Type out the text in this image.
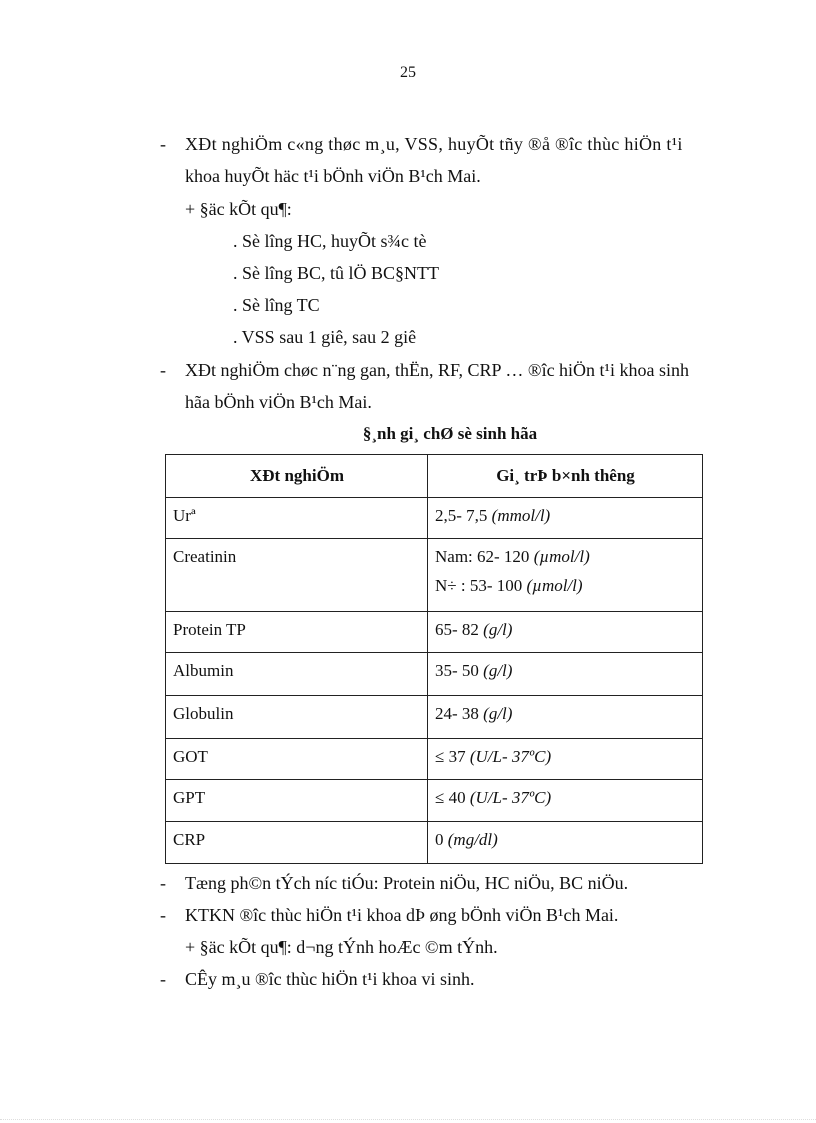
25
- XÐt nghiÖm c«ng thøc m¸u, VSS, huyÕt tñy ®å ®îc thùc hiÖn t¹i
khoa huyÕt häc t¹i bÖnh viÖn B¹ch Mai.
+ §äc kÕt qu¶:
. Sè lîng HC, huyÕt s¾c tè
. Sè lîng BC, tû lÖ BC§NTT
. Sè lîng TC
. VSS sau 1 giê, sau 2 giê
- XÐt nghiÖm chøc n¨ng gan, thËn, RF, CRP … ®îc hiÖn t¹i khoa sinh
hãa bÖnh viÖn B¹ch Mai.
§¸nh gi¸ chØ sè sinh hãa
XÐt nghiÖm	Gi¸ trÞ b×nh thêng
Urª	2,5- 7,5 (mmol/l)
Creatinin	Nam: 62- 120 (µmol/l)
N÷ : 53- 100 (µmol/l)

Protein TP	65- 82 (g/l)
Albumin	35- 50 (g/l)
Globulin	24- 38 (g/l)
GOT	≤ 37 (U/L- 37ºC)
GPT	≤ 40 (U/L- 37ºC)
CRP	0 (mg/dl)
- Tæng ph©n tÝch níc tiÓu: Protein niÖu, HC niÖu, BC niÖu.
- KTKN ®îc thùc hiÖn t¹i khoa dÞ øng bÖnh viÖn B¹ch Mai.
+ §äc kÕt qu¶: d¬ng tÝnh hoÆc ©m tÝnh.
- CÊy m¸u ®îc thùc hiÖn t¹i khoa vi sinh.
